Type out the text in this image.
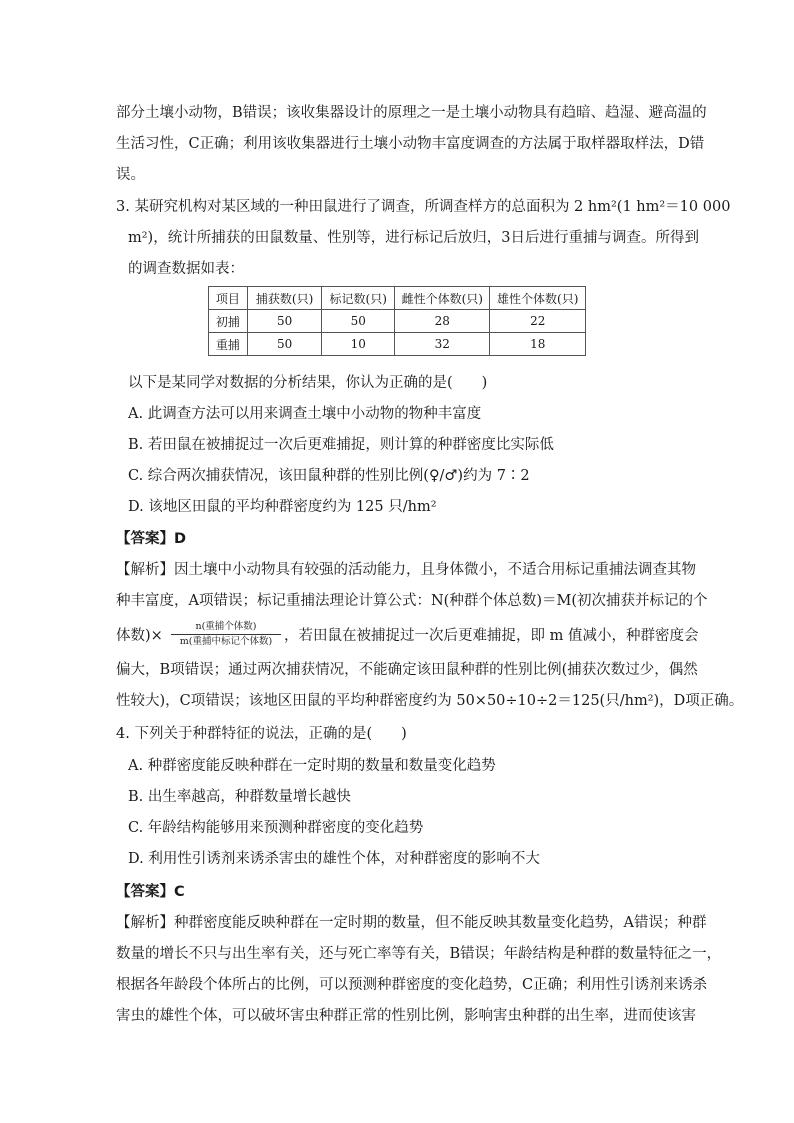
部分土壤小动物，B错误；该收集器设计的原理之一是土壤小动物具有趋暗、趋湿、避高温的
生活习性，C正确；利用该收集器进行土壤小动物丰富度调查的方法属于取样器取样法，D错
误。
3. 某研究机构对某区域的一种田鼠进行了调查，所调查样方的总面积为 2 hm²(1 hm²＝10 000
m²)，统计所捕获的田鼠数量、性别等，进行标记后放归，3日后进行重捕与调查。所得到
的调查数据如表：
项目	捕获数(只)	标记数(只)	雌性个体数(只)	雄性个体数(只)
初捕	50	50	28	22
重捕	50	10	32	18
以下是某同学对数据的分析结果，你认为正确的是(　　)
A. 此调查方法可以用来调查土壤中小动物的物种丰富度
B. 若田鼠在被捕捉过一次后更难捕捉，则计算的种群密度比实际低
C. 综合两次捕获情况，该田鼠种群的性别比例(♀/♂)约为 7∶2
D. 该地区田鼠的平均种群密度约为 125 只/hm²
【答案】D
【解析】因土壤中小动物具有较强的活动能力，且身体微小，不适合用标记重捕法调查其物
种丰富度，A项错误；标记重捕法理论计算公式：N(种群个体总数)＝M(初次捕获并标记的个
体数)×
n(重捕个体数)
m(重捕中标记个体数) ，若田鼠在被捕捉过一次后更难捕捉，即 m 值减小，种群密度会
偏大，B项错误；通过两次捕获情况，不能确定该田鼠种群的性别比例(捕获次数过少，偶然
性较大)，C项错误；该地区田鼠的平均种群密度约为 50×50÷10÷2＝125(只/hm²)，D项正确。
4. 下列关于种群特征的说法，正确的是(　　)
A. 种群密度能反映种群在一定时期的数量和数量变化趋势
B. 出生率越高，种群数量增长越快
C. 年龄结构能够用来预测种群密度的变化趋势
D. 利用性引诱剂来诱杀害虫的雄性个体，对种群密度的影响不大
【答案】C
【解析】种群密度能反映种群在一定时期的数量，但不能反映其数量变化趋势，A错误；种群
数量的增长不只与出生率有关，还与死亡率等有关，B错误；年龄结构是种群的数量特征之一，
根据各年龄段个体所占的比例，可以预测种群密度的变化趋势，C正确；利用性引诱剂来诱杀
害虫的雄性个体，可以破坏害虫种群正常的性别比例，影响害虫种群的出生率，进而使该害
